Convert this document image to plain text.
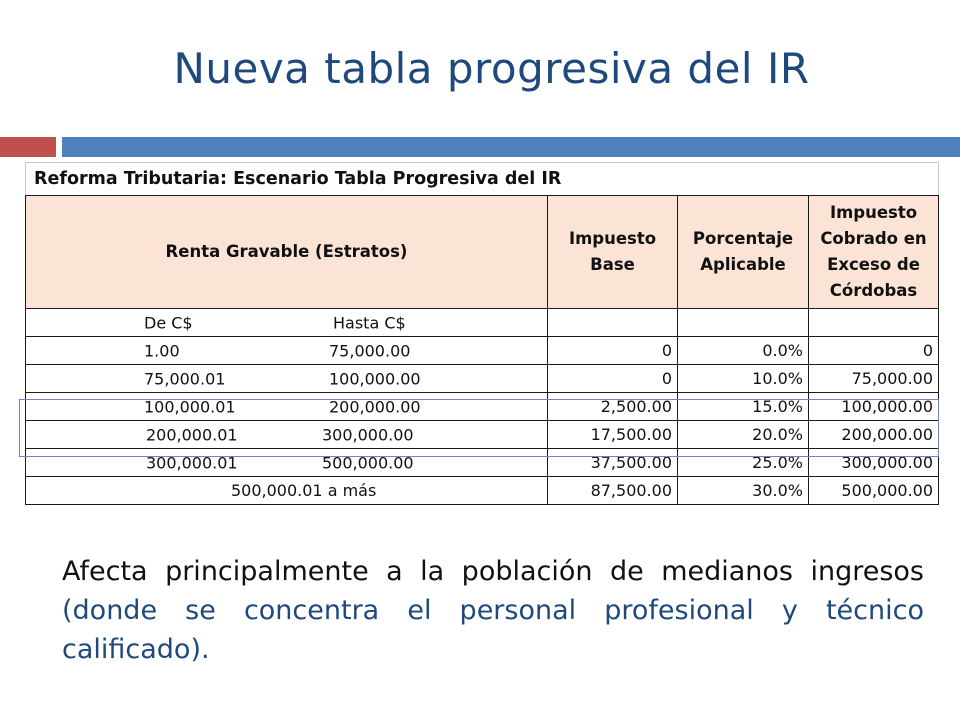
Nueva tabla progresiva del IR
Reforma Tributaria: Escenario Tabla Progresiva del IR			
Renta Gravable (Estratos)	Impuesto Base	Porcentaje Aplicable	Impuesto Cobrado en Exceso de Córdobas

De C$ Hasta C$			

1.00 75,000.00	0	0.0%	0

75,000.01 100,000.00	0	10.0%	75,000.00

100,000.01 200,000.00	2,500.00	15.0%	100,000.00

200,000.01 300,000.00	17,500.00	20.0%	200,000.00

300,000.01 500,000.00	37,500.00	25.0%	300,000.00
500,000.01 a más	87,500.00	30.0%	500,000.00
Afecta principalmente a la población de medianos ingresos (donde se concentra el personal profesional y técnico calificado).
